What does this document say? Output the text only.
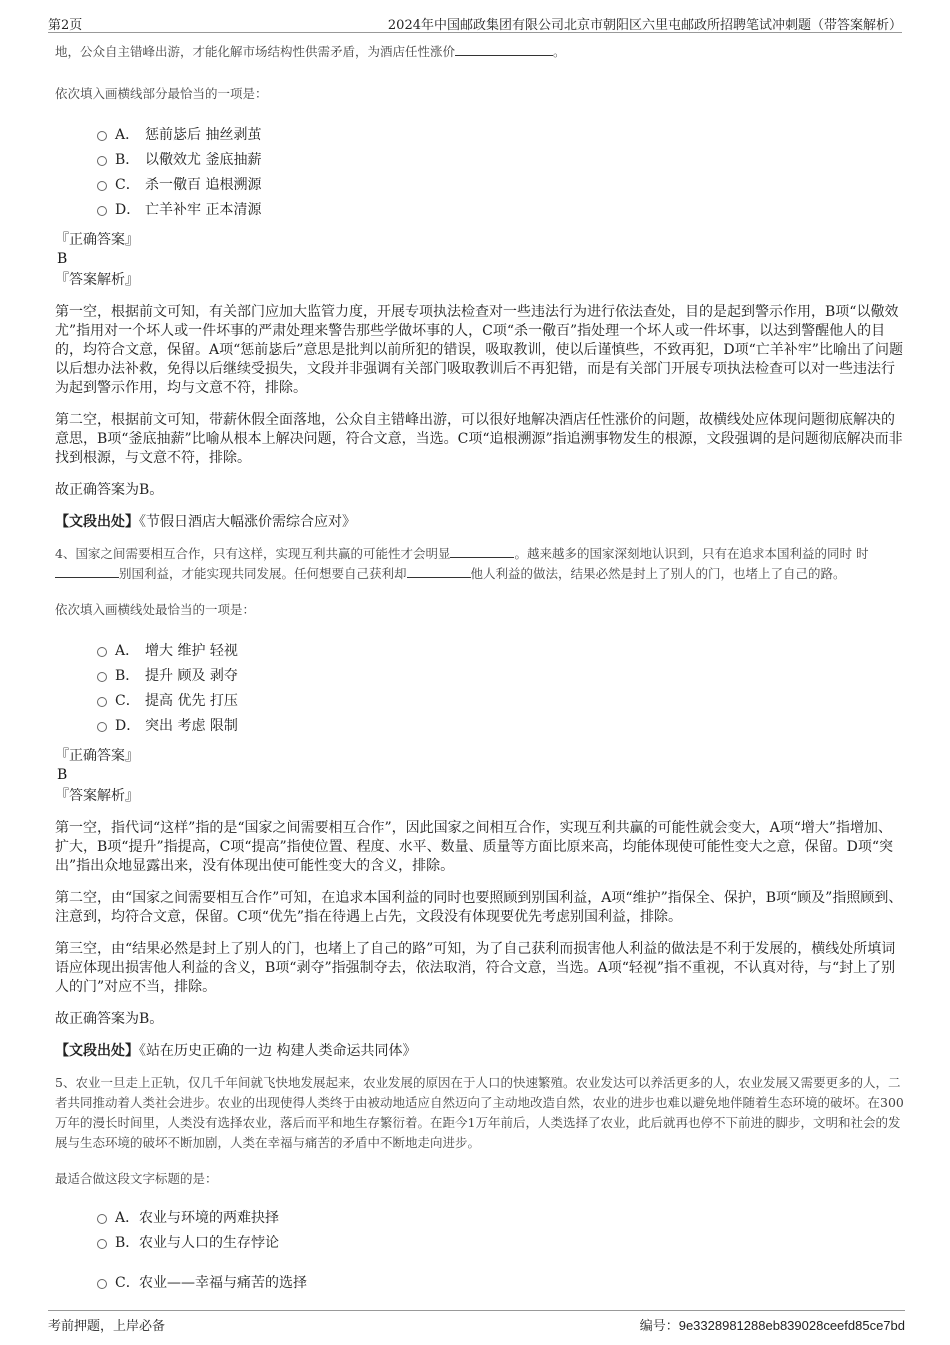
第2页	2024年中国邮政集团有限公司北京市朝阳区六里屯邮政所招聘笔试冲刺题（带答案解析）

地，公众自主错峰出游，才能化解市场结构性供需矛盾，为酒店任性涨价	。

依次填入画横线部分最恰当的一项是：

A． 惩前毖后 抽丝剥茧
B． 以儆效尤 釜底抽薪
C． 杀一儆百 追根溯源
D． 亡羊补牢 正本清源

『正确答案』

B

『答案解析』

第一空，根据前文可知，有关部门应加大监管力度，开展专项执法检查对一些违法行为进行依法查处，目的是起到警示作用，B项“以儆效尤”指用对一个坏人或一件坏事的严肃处理来警告那些学做坏事的人，C项“杀一儆百”指处理一个坏人或一件坏事，以达到警醒他人的目的，均符合文意，保留。A项“惩前毖后”意思是批判以前所犯的错误，吸取教训，使以后谨慎些，不致再犯，D项“亡羊补牢”比喻出了问题以后想办法补救，免得以后继续受损失，文段并非强调有关部门吸取教训后不再犯错，而是有关部门开展专项执法检查可以对一些违法行为起到警示作用，均与文意不符，排除。

第二空，根据前文可知，带薪休假全面落地，公众自主错峰出游，可以很好地解决酒店任性涨价的问题，故横线处应体现问题彻底解决的意思，B项“釜底抽薪”比喻从根本上解决问题，符合文意，当选。C项“追根溯源”指追溯事物发生的根源，文段强调的是问题彻底解决而非找到根源，与文意不符，排除。

故正确答案为B。

【文段出处】《节假日酒店大幅涨价需综合应对》

4、国家之间需要相互合作，只有这样，实现互利共赢的可能性才会明显	。越来越多的国家深刻地认识到，只有在追求本国利益的同时 时别国利益，才能实现共同发展。任何想要自己获利却	他人利益的做法，结果必然是封上了别人的门，也堵上了自己的路。

依次填入画横线处最恰当的一项是：

A． 增大 维护 轻视
B． 提升 顾及 剥夺
C． 提高 优先 打压
D． 突出 考虑 限制

『正确答案』

B

『答案解析』

第一空，指代词“这样”指的是“国家之间需要相互合作”，因此国家之间相互合作，实现互利共赢的可能性就会变大，A项“增大”指增加、扩大，B项“提升”指提高，C项“提高”指使位置、程度、水平、数量、质量等方面比原来高，均能体现使可能性变大之意，保留。D项“突出”指出众地显露出来，没有体现出使可能性变大的含义，排除。

第二空，由“国家之间需要相互合作”可知，在追求本国利益的同时也要照顾到别国利益，A项“维护”指保全、保护，B项“顾及”指照顾到、注意到，均符合文意，保留。C项“优先”指在待遇上占先，文段没有体现要优先考虑别国利益，排除。

第三空，由“结果必然是封上了别人的门，也堵上了自己的路”可知，为了自己获利而损害他人利益的做法是不利于发展的，横线处所填词语应体现出损害他人利益的含义，B项“剥夺”指强制夺去，依法取消，符合文意，当选。A项“轻视”指不重视，不认真对待，与“封上了别人的门”对应不当，排除。

故正确答案为B。

【文段出处】《站在历史正确的一边 构建人类命运共同体》

5、农业一旦走上正轨，仅几千年间就飞快地发展起来，农业发展的原因在于人口的快速繁殖。农业发达可以养活更多的人，农业发展又需要更多的人，二者共同推动着人类社会进步。农业的出现使得人类终于由被动地适应自然迈向了主动地改造自然，农业的进步也难以避免地伴随着生态环境的破坏。在300万年的漫长时间里，人类没有选择农业，落后而平和地生存繁衍着。在距今1万年前后，人类选择了农业，此后就再也停不下前进的脚步，文明和社会的发展与生态环境的破坏不断加剧，人类在幸福与痛苦的矛盾中不断地走向进步。

最适合做这段文字标题的是：

A．农业与环境的两难抉择
B．农业与人口的生存悖论
C．农业——幸福与痛苦的选择
考前押题，上岸必备	编号：9e3328981288eb839028ceefd85ce7bd
